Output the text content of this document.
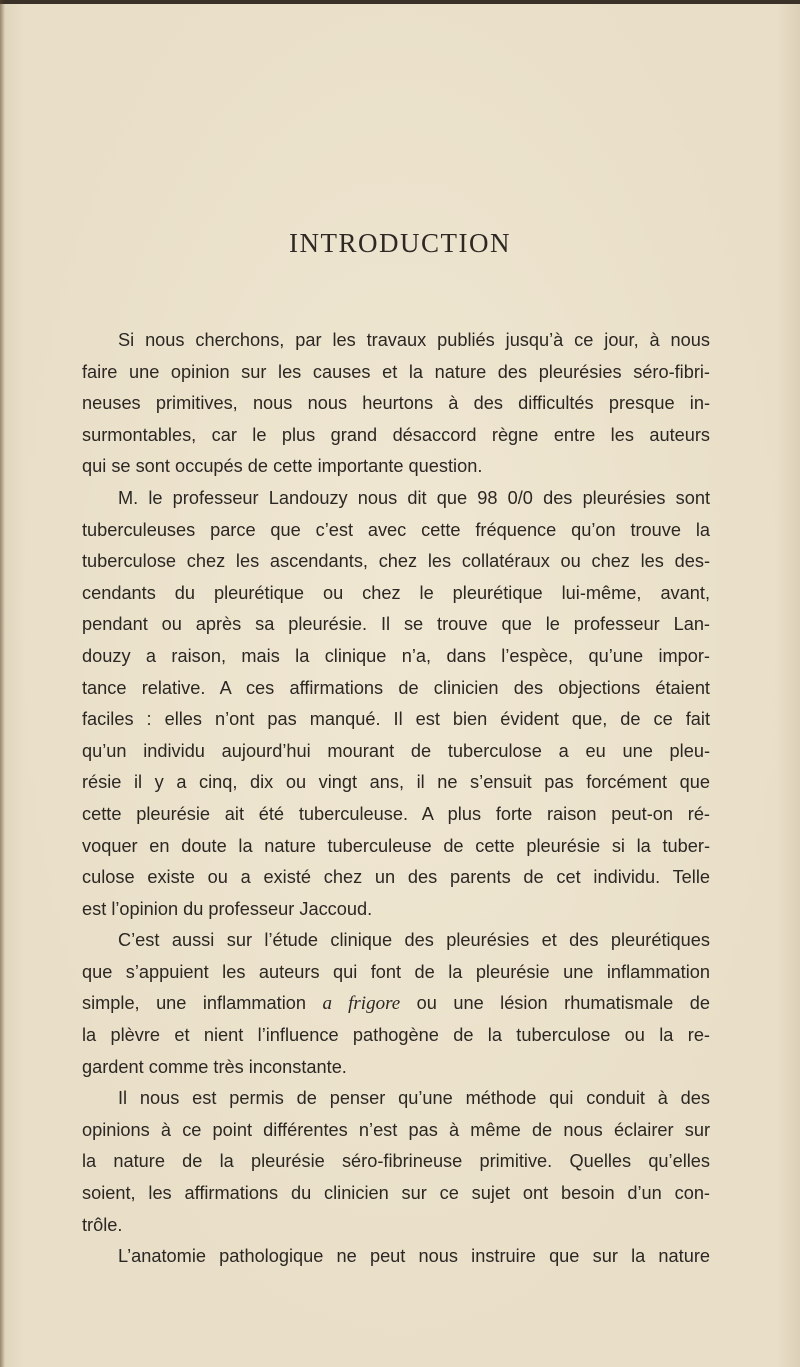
INTRODUCTION
Si nous cherchons, par les travaux publiés jusqu’à ce jour, à nous
faire une opinion sur les causes et la nature des pleurésies séro-fibri-
neuses primitives, nous nous heurtons à des difficultés presque in-
surmontables, car le plus grand désaccord règne entre les auteurs
qui se sont occupés de cette importante question.
M. le professeur Landouzy nous dit que 98 0/0 des pleurésies sont
tuberculeuses parce que c’est avec cette fréquence qu’on trouve la
tuberculose chez les ascendants, chez les collatéraux ou chez les des-
cendants du pleurétique ou chez le pleurétique lui-même, avant,
pendant ou après sa pleurésie. Il se trouve que le professeur Lan-
douzy a raison, mais la clinique n’a, dans l’espèce, qu’une impor-
tance relative. A ces affirmations de clinicien des objections étaient
faciles : elles n’ont pas manqué. Il est bien évident que, de ce fait
qu’un individu aujourd’hui mourant de tuberculose a eu une pleu-
résie il y a cinq, dix ou vingt ans, il ne s’ensuit pas forcément que
cette pleurésie ait été tuberculeuse. A plus forte raison peut-on ré-
voquer en doute la nature tuberculeuse de cette pleurésie si la tuber-
culose existe ou a existé chez un des parents de cet individu. Telle
est l’opinion du professeur Jaccoud.
C’est aussi sur l’étude clinique des pleurésies et des pleurétiques
que s’appuient les auteurs qui font de la pleurésie une inflammation
simple, une inflammation a frigore ou une lésion rhumatismale de
la plèvre et nient l’influence pathogène de la tuberculose ou la re-
gardent comme très inconstante.
Il nous est permis de penser qu’une méthode qui conduit à des
opinions à ce point différentes n’est pas à même de nous éclairer sur
la nature de la pleurésie séro-fibrineuse primitive. Quelles qu’elles
soient, les affirmations du clinicien sur ce sujet ont besoin d’un con-
trôle.
L’anatomie pathologique ne peut nous instruire que sur la nature
